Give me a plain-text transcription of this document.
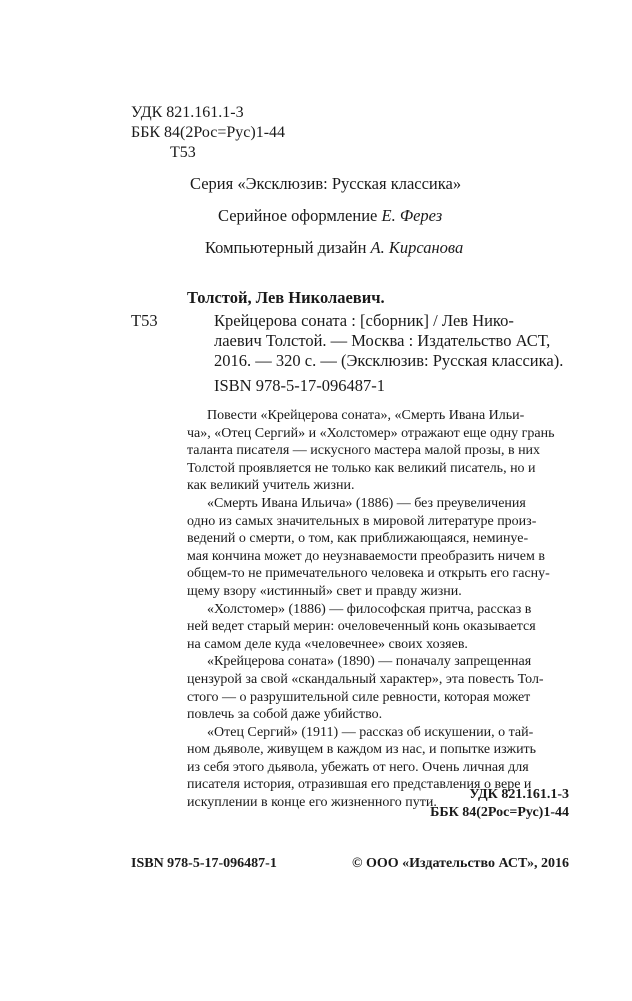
УДК 821.161.1-3
ББК 84(2Рос=Рус)1-44
Т53
Серия «Эксклюзив: Русская классика»
Серийное оформление Е. Ферез
Компьютерный дизайн А. Кирсанова
Толстой, Лев Николаевич.
Т53	Крейцерова соната : [сборник] / Лев Нико-
лаевич Толстой. — Москва : Издательство АСТ,
2016. — 320 с. — (Эксклюзив: Русская классика).
ISBN 978-5-17-096487-1

Повести «Крейцерова соната», «Смерть Ивана Ильи-
ча», «Отец Сергий» и «Холстомер» отражают еще одну грань
таланта писателя — искусного мастера малой прозы, в них
Толстой проявляется не только как великий писатель, но и
как великий учитель жизни.

«Смерть Ивана Ильича» (1886) — без преувеличения
одно из самых значительных в мировой литературе произ-
ведений о смерти, о том, как приближающаяся, неминуе-
мая кончина может до неузнаваемости преобразить ничем в
общем-то не примечательного человека и открыть его гасну-
щему взору «истинный» свет и правду жизни.

«Холстомер» (1886) — философская притча, рассказ в
ней ведет старый мерин: очеловеченный конь оказывается
на самом деле куда «человечнее» своих хозяев.

«Крейцерова соната» (1890) — поначалу запрещенная
цензурой за свой «скандальный характер», эта повесть Тол-
стого — о разрушительной силе ревности, которая может
повлечь за собой даже убийство.

«Отец Сергий» (1911) — рассказ об искушении, о тай-
ном дьяволе, живущем в каждом из нас, и попытке изжить
из себя этого дьявола, убежать от него. Очень личная для
писателя история, отразившая его представления о вере и
искуплении в конце его жизненного пути.

УДК 821.161.1-3
ББК 84(2Рос=Рус)1-44
ISBN 978-5-17-096487-1	© ООО «Издательство АСТ», 2016
